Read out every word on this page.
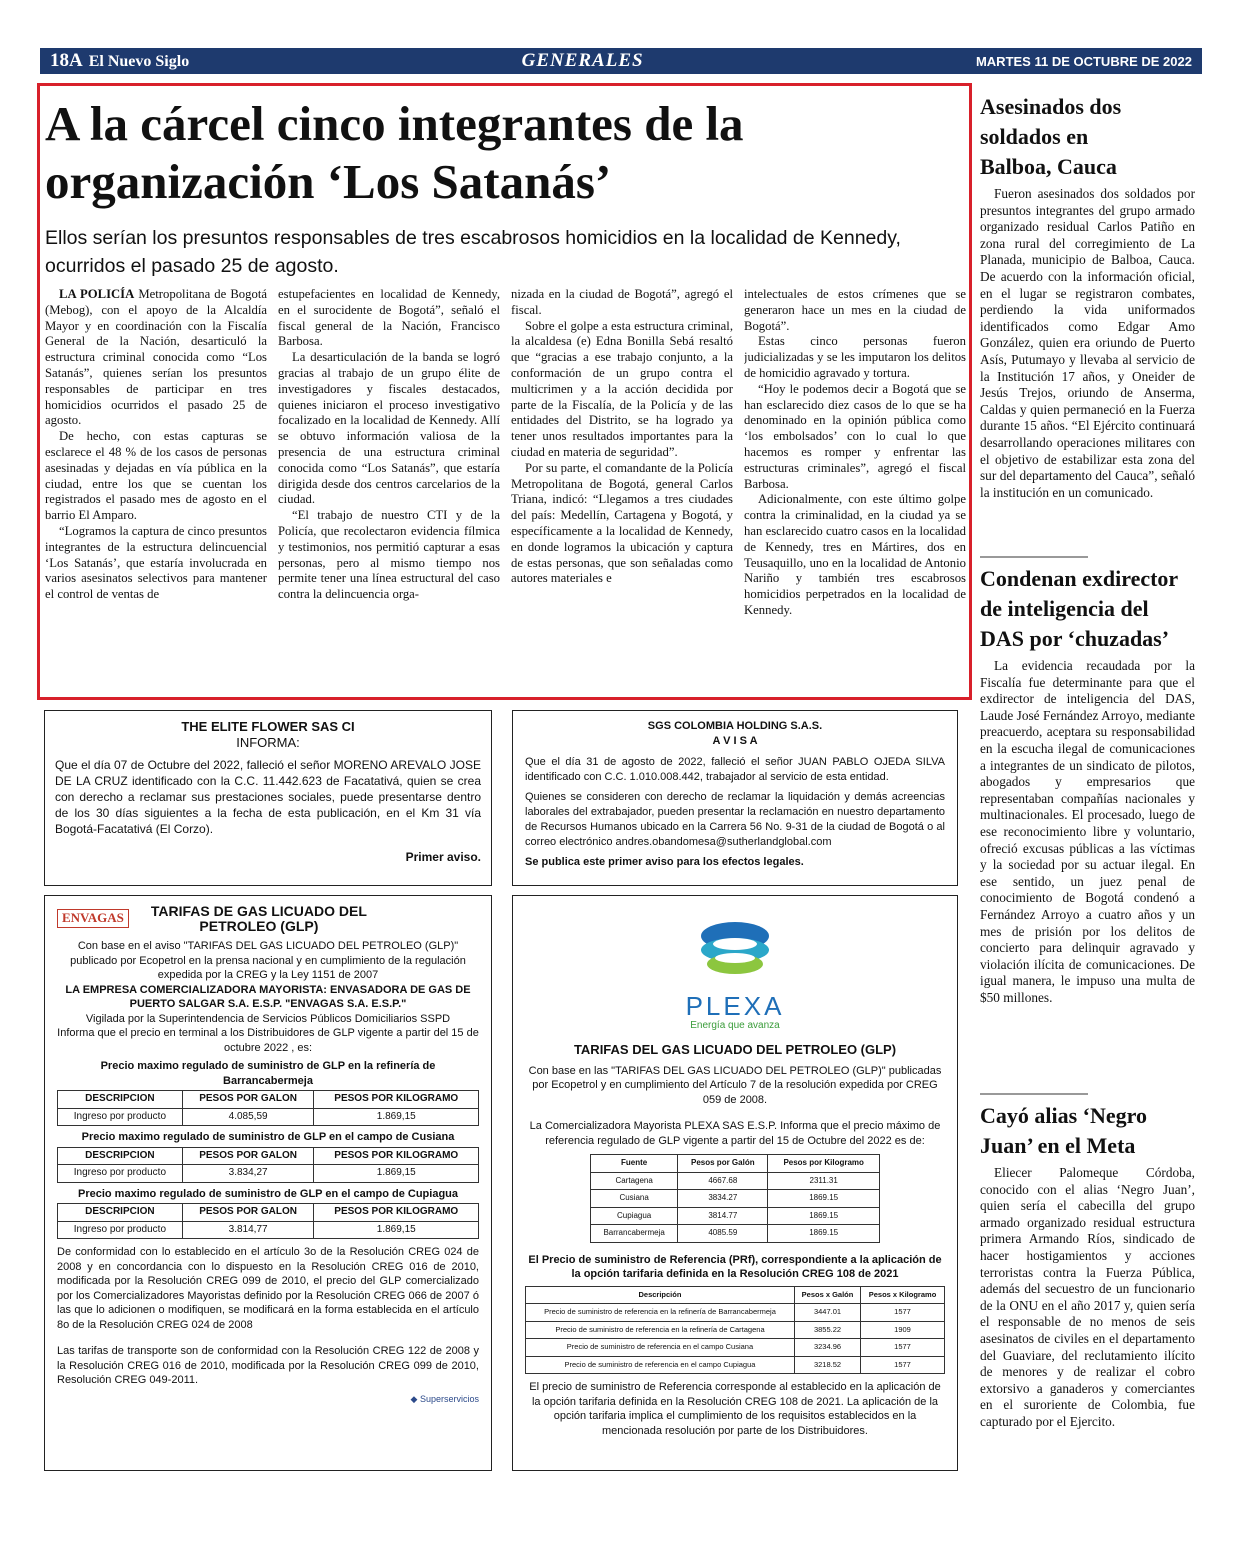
18A El Nuevo Siglo	GENERALES	MARTES 11 DE OCTUBRE DE 2022
A la cárcel cinco integrantes de la organización ‘Los Satanás’
Ellos serían los presuntos responsables de tres escabrosos homicidios en la localidad de Kennedy, ocurridos el pasado 25 de agosto.

LA POLICÍA Metropolitana de Bogotá (Mebog), con el apoyo de la Alcaldía Mayor y en coordinación con la Fiscalía General de la Nación, desarticuló la estructura criminal conocida como “Los Satanás”, quienes serían los presuntos responsables de participar en tres homicidios ocurridos el pasado 25 de agosto.

De hecho, con estas capturas se esclarece el 48 % de los casos de personas asesinadas y dejadas en vía pública en la ciudad, entre los que se cuentan los registrados el pasado mes de agosto en el barrio El Amparo.

“Logramos la captura de cinco presuntos integrantes de la estructura delincuencial ‘Los Satanás’, que estaría involucrada en varios asesinatos selectivos para mantener el control de ventas de

estupefacientes en localidad de Kennedy, en el surocidente de Bogotá”, señaló el fiscal general de la Nación, Francisco Barbosa.

La desarticulación de la banda se logró gracias al trabajo de un grupo élite de investigadores y fiscales destacados, quienes iniciaron el proceso investigativo focalizado en la localidad de Kennedy. Allí se obtuvo información valiosa de la presencia de una estructura criminal conocida como “Los Satanás”, que estaría dirigida desde dos centros carcelarios de la ciudad.

“El trabajo de nuestro CTI y de la Policía, que recolectaron evidencia fílmica y testimonios, nos permitió capturar a esas personas, pero al mismo tiempo nos permite tener una línea estructural del caso contra la delincuencia orga-

nizada en la ciudad de Bogotá”, agregó el fiscal.

Sobre el golpe a esta estructura criminal, la alcaldesa (e) Edna Bonilla Sebá resaltó que “gracias a ese trabajo conjunto, a la conformación de un grupo contra el multicrimen y a la acción decidida por parte de la Fiscalía, de la Policía y de las entidades del Distrito, se ha logrado ya tener unos resultados importantes para la ciudad en materia de seguridad”.

Por su parte, el comandante de la Policía Metropolitana de Bogotá, general Carlos Triana, indicó: “Llegamos a tres ciudades del país: Medellín, Cartagena y Bogotá, y específicamente a la localidad de Kennedy, en donde logramos la ubicación y captura de estas personas, que son señaladas como autores materiales e

intelectuales de estos crímenes que se generaron hace un mes en la ciudad de Bogotá”.

Estas cinco personas fueron judicializadas y se les imputaron los delitos de homicidio agravado y tortura.

“Hoy le podemos decir a Bogotá que se han esclarecido diez casos de lo que se ha denominado en la opinión pública como ‘los embolsados’ con lo cual lo que hacemos es romper y enfrentar las estructuras criminales”, agregó el fiscal Barbosa.

Adicionalmente, con este último golpe contra la criminalidad, en la ciudad ya se han esclarecido cuatro casos en la localidad de Kennedy, tres en Mártires, dos en Teusaquillo, uno en la localidad de Antonio Nariño y también tres escabrosos homicidios perpetrados en la localidad de Kennedy.

Asesinados dos soldados en Balboa, Cauca

Fueron asesinados dos soldados por presuntos integrantes del grupo armado organizado residual Carlos Patiño en zona rural del corregimiento de La Planada, municipio de Balboa, Cauca. De acuerdo con la información oficial, en el lugar se registraron combates, perdiendo la vida uniformados identificados como Edgar Amo González, quien era oriundo de Puerto Asís, Putumayo y llevaba al servicio de la Institución 17 años, y Oneider de Jesús Trejos, oriundo de Anserma, Caldas y quien permaneció en la Fuerza durante 15 años. “El Ejército continuará desarrollando operaciones militares con el objetivo de estabilizar esta zona del sur del departamento del Cauca”, señaló la institución en un comunicado.

Condenan exdirector de inteligencia del DAS por ‘chuzadas’

La evidencia recaudada por la Fiscalía fue determinante para que el exdirector de inteligencia del DAS, Laude José Fernández Arroyo, mediante preacuerdo, aceptara su responsabilidad en la escucha ilegal de comunicaciones a integrantes de un sindicato de pilotos, abogados y empresarios que representaban compañías nacionales y multinacionales. El procesado, luego de ese reconocimiento libre y voluntario, ofreció excusas públicas a las víctimas y la sociedad por su actuar ilegal. En ese sentido, un juez penal de conocimiento de Bogotá condenó a Fernández Arroyo a cuatro años y un mes de prisión por los delitos de concierto para delinquir agravado y violación ilícita de comunicaciones. De igual manera, le impuso una multa de $50 millones.

Cayó alias ‘Negro Juan’ en el Meta

Eliecer Palomeque Córdoba, conocido con el alias ‘Negro Juan’, quien sería el cabecilla del grupo armado organizado residual estructura primera Armando Ríos, sindicado de hacer hostigamientos y acciones terroristas contra la Fuerza Pública, además del secuestro de un funcionario de la ONU en el año 2017 y, quien sería el responsable de no menos de seis asesinatos de civiles en el departamento del Guaviare, del reclutamiento ilícito de menores y de realizar el cobro extorsivo a ganaderos y comerciantes en el suroriente de Colombia, fue capturado por el Ejercito.

THE ELITE FLOWER SAS CI
INFORMA:
Que el día 07 de Octubre del 2022, falleció el señor MORENO AREVALO JOSE DE LA CRUZ identificado con la C.C. 11.442.623 de Facatativá, quien se crea con derecho a reclamar sus prestaciones sociales, puede presentarse dentro de los 30 días siguientes a la fecha de esta publicación, en el Km 31 vía Bogotá-Facatativá (El Corzo).
Primer aviso.
SGS COLOMBIA HOLDING S.A.S.
A V I S A
Que el día 31 de agosto de 2022, falleció el señor JUAN PABLO OJEDA SILVA identificado con C.C. 1.010.008.442, trabajador al servicio de esta entidad.
Quienes se consideren con derecho de reclamar la liquidación y demás acreencias laborales del extrabajador, pueden presentar la reclamación en nuestro departamento de Recursos Humanos ubicado en la Carrera 56 No. 9-31 de la ciudad de Bogotá o al correo electrónico andres.obandomesa@sutherlandglobal.com
Se publica este primer aviso para los efectos legales.
ENVAGAS	TARIFAS DE GAS LICUADO DEL PETROLEO (GLP)
Con base en el aviso "TARIFAS DEL GAS LICUADO DEL PETROLEO (GLP)" publicado por Ecopetrol en la prensa nacional y en cumplimiento de la regulación expedida por la CREG y la Ley 1151 de 2007
LA EMPRESA COMERCIALIZADORA MAYORISTA: ENVASADORA DE GAS DE PUERTO SALGAR S.A. E.S.P. "ENVAGAS S.A. E.S.P."
Vigilada por la Superintendencia de Servicios Públicos Domiciliarios SSPD
Informa que el precio en terminal a los Distribuidores de GLP vigente a partir del 15 de octubre 2022 , es:
Precio maximo regulado de suministro de GLP en la refinería de Barrancabermeja
DESCRIPCION	PESOS POR GALON	PESOS POR KILOGRAMO
Ingreso por producto	4.085,59	1.869,15
Precio maximo regulado de suministro de GLP en el campo de Cusiana
DESCRIPCION	PESOS POR GALON	PESOS POR KILOGRAMO
Ingreso por producto	3.834,27	1.869,15
Precio maximo regulado de suministro de GLP en el campo de Cupiagua
DESCRIPCION	PESOS POR GALON	PESOS POR KILOGRAMO
Ingreso por producto	3.814,77	1.869,15
De conformidad con lo establecido en el artículo 3o de la Resolución CREG 024 de 2008 y en concordancia con lo dispuesto en la Resolución CREG 016 de 2010, modificada por la Resolución CREG 099 de 2010, el precio del GLP comercializado por los Comercializadores Mayoristas definido por la Resolución CREG 066 de 2007 ó las que lo adicionen o modifiquen, se modificará en la forma establecida en el artículo 8o de la Resolución CREG 024 de 2008
Las tarifas de transporte son de conformidad con la Resolución CREG 122 de 2008 y la Resolución CREG 016 de 2010, modificada por la Resolución CREG 099 de 2010, Resolución CREG 049-2011.
◆ Superservicios
PLEXA
Energía que avanza
TARIFAS DEL GAS LICUADO DEL PETROLEO (GLP)
Con base en las "TARIFAS DEL GAS LICUADO DEL PETROLEO (GLP)" publicadas por Ecopetrol y en cumplimiento del Artículo 7 de la resolución expedida por CREG 059 de 2008.
La Comercializadora Mayorista PLEXA SAS E.S.P. Informa que el precio máximo de referencia regulado de GLP vigente a partir del 15 de Octubre del 2022 es de:
Fuente	Pesos por Galón	Pesos por Kilogramo
Cartagena	4667.68	2311.31
Cusiana	3834.27	1869.15
Cupiagua	3814.77	1869.15
Barrancabermeja	4085.59	1869.15
El Precio de suministro de Referencia (PRf), correspondiente a la aplicación de la opción tarifaria definida en la Resolución CREG 108 de 2021
Descripción	Pesos x Galón	Pesos x Kilogramo
Precio de suministro de referencia en la refinería de Barrancabermeja	3447.01	1577
Precio de suministro de referencia en la refinería de Cartagena	3855.22	1909
Precio de suministro de referencia en el campo Cusiana	3234.96	1577
Precio de suministro de referencia en el campo Cupiagua	3218.52	1577
El precio de suministro de Referencia corresponde al establecido en la aplicación de la opción tarifaria definida en la Resolución CREG 108 de 2021. La aplicación de la opción tarifaria implica el cumplimiento de los requisitos establecidos en la mencionada resolución por parte de los Distribuidores.
